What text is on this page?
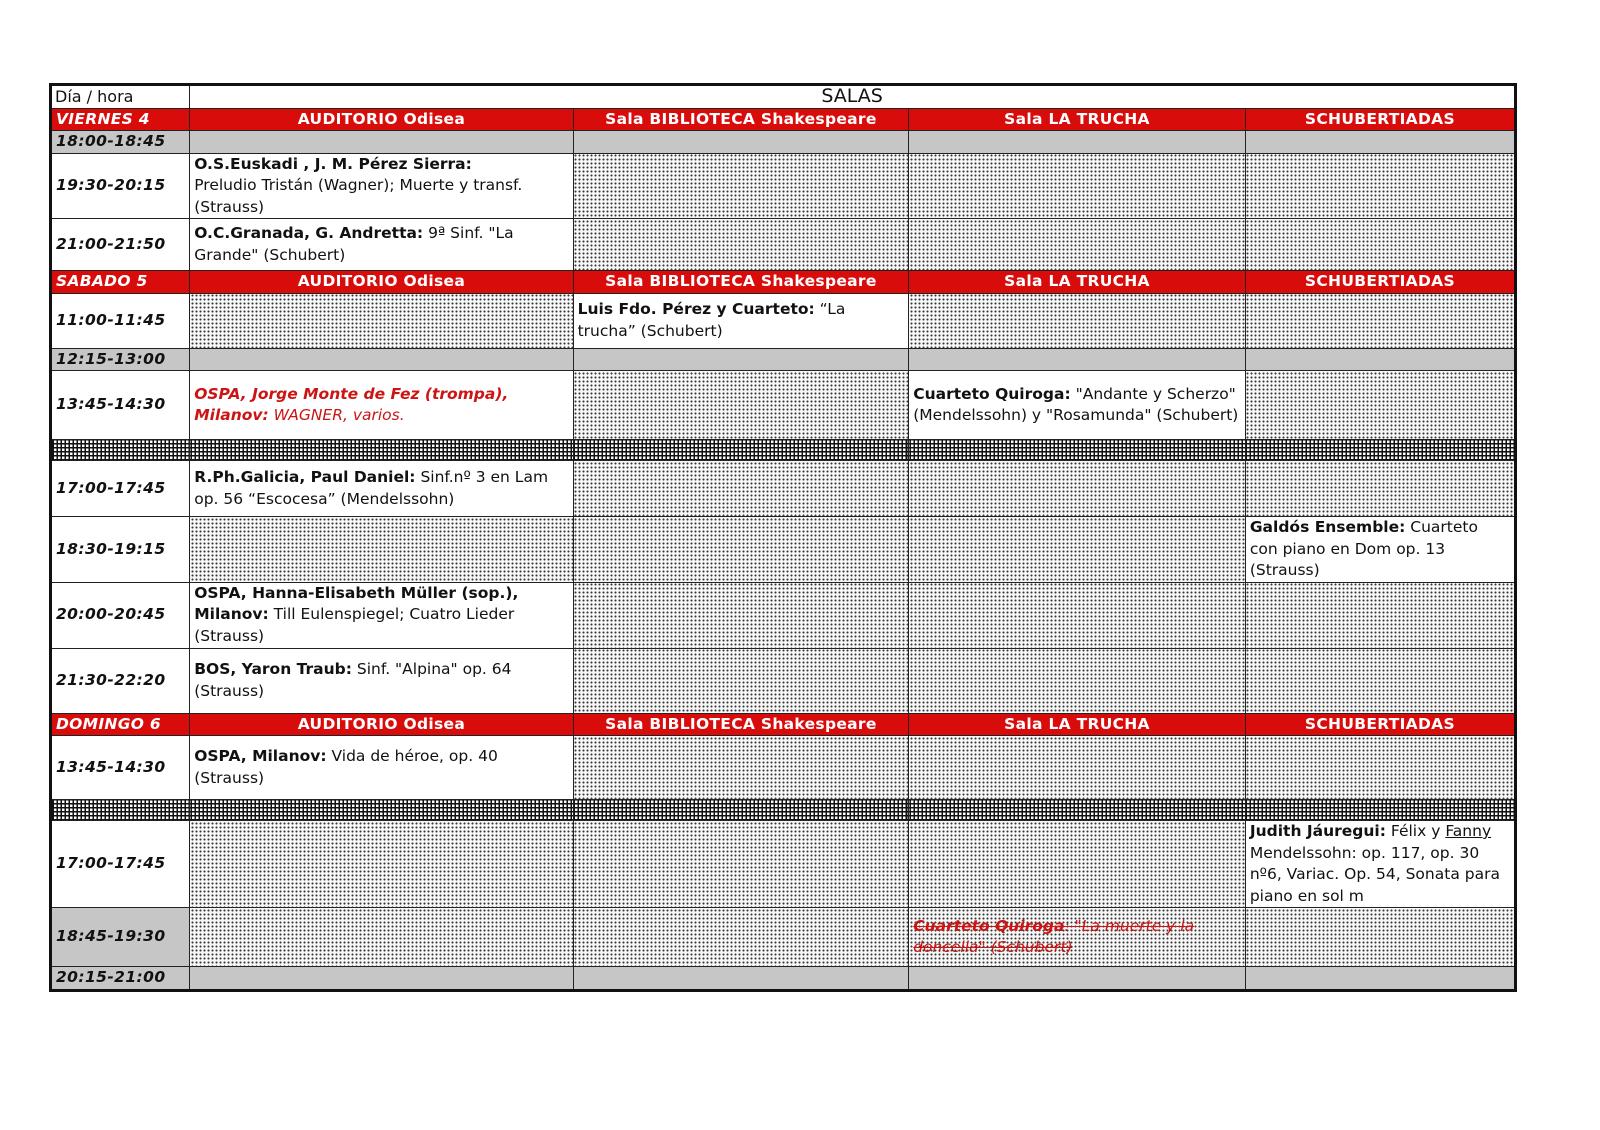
Día / hora	SALAS			
VIERNES 4	AUDITORIO Odisea	Sala BIBLIOTECA Shakespeare	Sala LA TRUCHA	SCHUBERTIADAS
18:00-18:45				
19:30-20:15	O.S.Euskadi , J. M. Pérez Sierra:
Preludio Tristán (Wagner); Muerte y transf. (Strauss)			
21:00-21:50	O.C.Granada, G. Andretta: 9ª Sinf. "La Grande" (Schubert)			
SABADO 5	AUDITORIO Odisea	Sala BIBLIOTECA Shakespeare	Sala LA TRUCHA	SCHUBERTIADAS
11:00-11:45		Luis Fdo. Pérez y Cuarteto: “La trucha” (Schubert)		
12:15-13:00				
13:45-14:30	OSPA, Jorge Monte de Fez (trompa), Milanov: WAGNER, varios.		Cuarteto Quiroga: "Andante y Scherzo" (Mendelssohn) y "Rosamunda" (Schubert)	

17:00-17:45	R.Ph.Galicia, Paul Daniel: Sinf.nº 3 en Lam op. 56 “Escocesa” (Mendelssohn)			
18:30-19:15				Galdós Ensemble: Cuarteto con piano en Dom op. 13 (Strauss)
20:00-20:45	OSPA, Hanna-Elisabeth Müller (sop.), Milanov: Till Eulenspiegel; Cuatro Lieder (Strauss)			
21:30-22:20	BOS, Yaron Traub: Sinf. "Alpina" op. 64 (Strauss)			
DOMINGO 6	AUDITORIO Odisea	Sala BIBLIOTECA Shakespeare	Sala LA TRUCHA	SCHUBERTIADAS
13:45-14:30	OSPA, Milanov: Vida de héroe, op. 40 (Strauss)			

17:00-17:45				Judith Jáuregui: Félix y Fanny Mendelssohn: op. 117, op. 30 nº6, Variac. Op. 54, Sonata para piano en sol m
18:45-19:30			Cuarteto Quiroga: "La muerte y la doncella" (Schubert)	
20:15-21:00				
